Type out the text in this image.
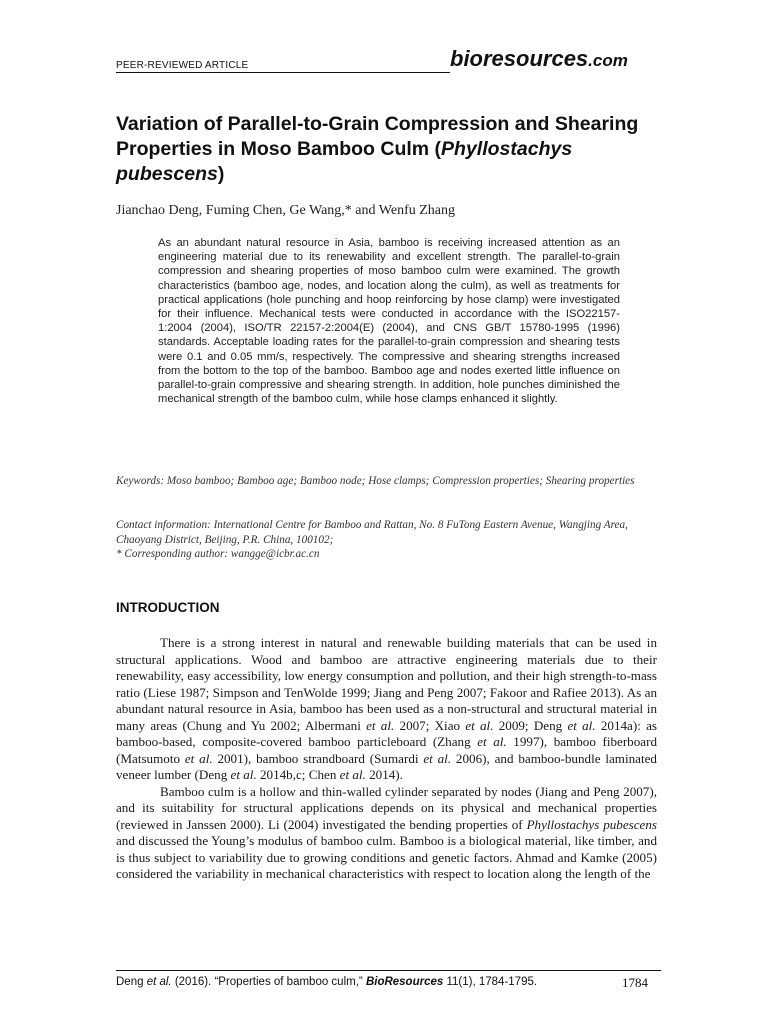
PEER-REVIEWED ARTICLE	bioresources.com
Variation of Parallel-to-Grain Compression and Shearing Properties in Moso Bamboo Culm (Phyllostachys pubescens)
Jianchao Deng, Fuming Chen, Ge Wang,* and Wenfu Zhang

As an abundant natural resource in Asia, bamboo is receiving increased attention as an engineering material due to its renewability and excellent strength. The parallel-to-grain compression and shearing properties of moso bamboo culm were examined. The growth characteristics (bamboo age, nodes, and location along the culm), as well as treatments for practical applications (hole punching and hoop reinforcing by hose clamp) were investigated for their influence. Mechanical tests were conducted in accordance with the ISO22157-1:2004 (2004), ISO/TR 22157-2:2004(E) (2004), and CNS GB/T 15780-1995 (1996) standards. Acceptable loading rates for the parallel-to-grain compression and shearing tests were 0.1 and 0.05 mm/s, respectively. The compressive and shearing strengths increased from the bottom to the top of the bamboo. Bamboo age and nodes exerted little influence on parallel-to-grain compressive and shearing strength. In addition, hole punches diminished the mechanical strength of the bamboo culm, while hose clamps enhanced it slightly.

Keywords: Moso bamboo; Bamboo age; Bamboo node; Hose clamps; Compression properties; Shearing properties
Contact information: International Centre for Bamboo and Rattan, No. 8 FuTong Eastern Avenue, Wangjing Area, Chaoyang District, Beijing, P.R. China, 100102;
* Corresponding author: wangge@icbr.ac.cn
INTRODUCTION

There is a strong interest in natural and renewable building materials that can be used in structural applications. Wood and bamboo are attractive engineering materials due to their renewability, easy accessibility, low energy consumption and pollution, and their high strength-to-mass ratio (Liese 1987; Simpson and TenWolde 1999; Jiang and Peng 2007; Fakoor and Rafiee 2013). As an abundant natural resource in Asia, bamboo has been used as a non-structural and structural material in many areas (Chung and Yu 2002; Albermani et al. 2007; Xiao et al. 2009; Deng et al. 2014a): as bamboo-based, composite-covered bamboo particleboard (Zhang et al. 1997), bamboo fiberboard (Matsumoto et al. 2001), bamboo strandboard (Sumardi et al. 2006), and bamboo-bundle laminated veneer lumber (Deng et al. 2014b,c; Chen et al. 2014).

Bamboo culm is a hollow and thin-walled cylinder separated by nodes (Jiang and Peng 2007), and its suitability for structural applications depends on its physical and mechanical properties (reviewed in Janssen 2000). Li (2004) investigated the bending properties of Phyllostachys pubescens and discussed the Young’s modulus of bamboo culm. Bamboo is a biological material, like timber, and is thus subject to variability due to growing conditions and genetic factors. Ahmad and Kamke (2005) considered the variability in mechanical characteristics with respect to location along the length of the

Deng et al. (2016). “Properties of bamboo culm,” BioResources 11(1), 1784-1795.	1784
